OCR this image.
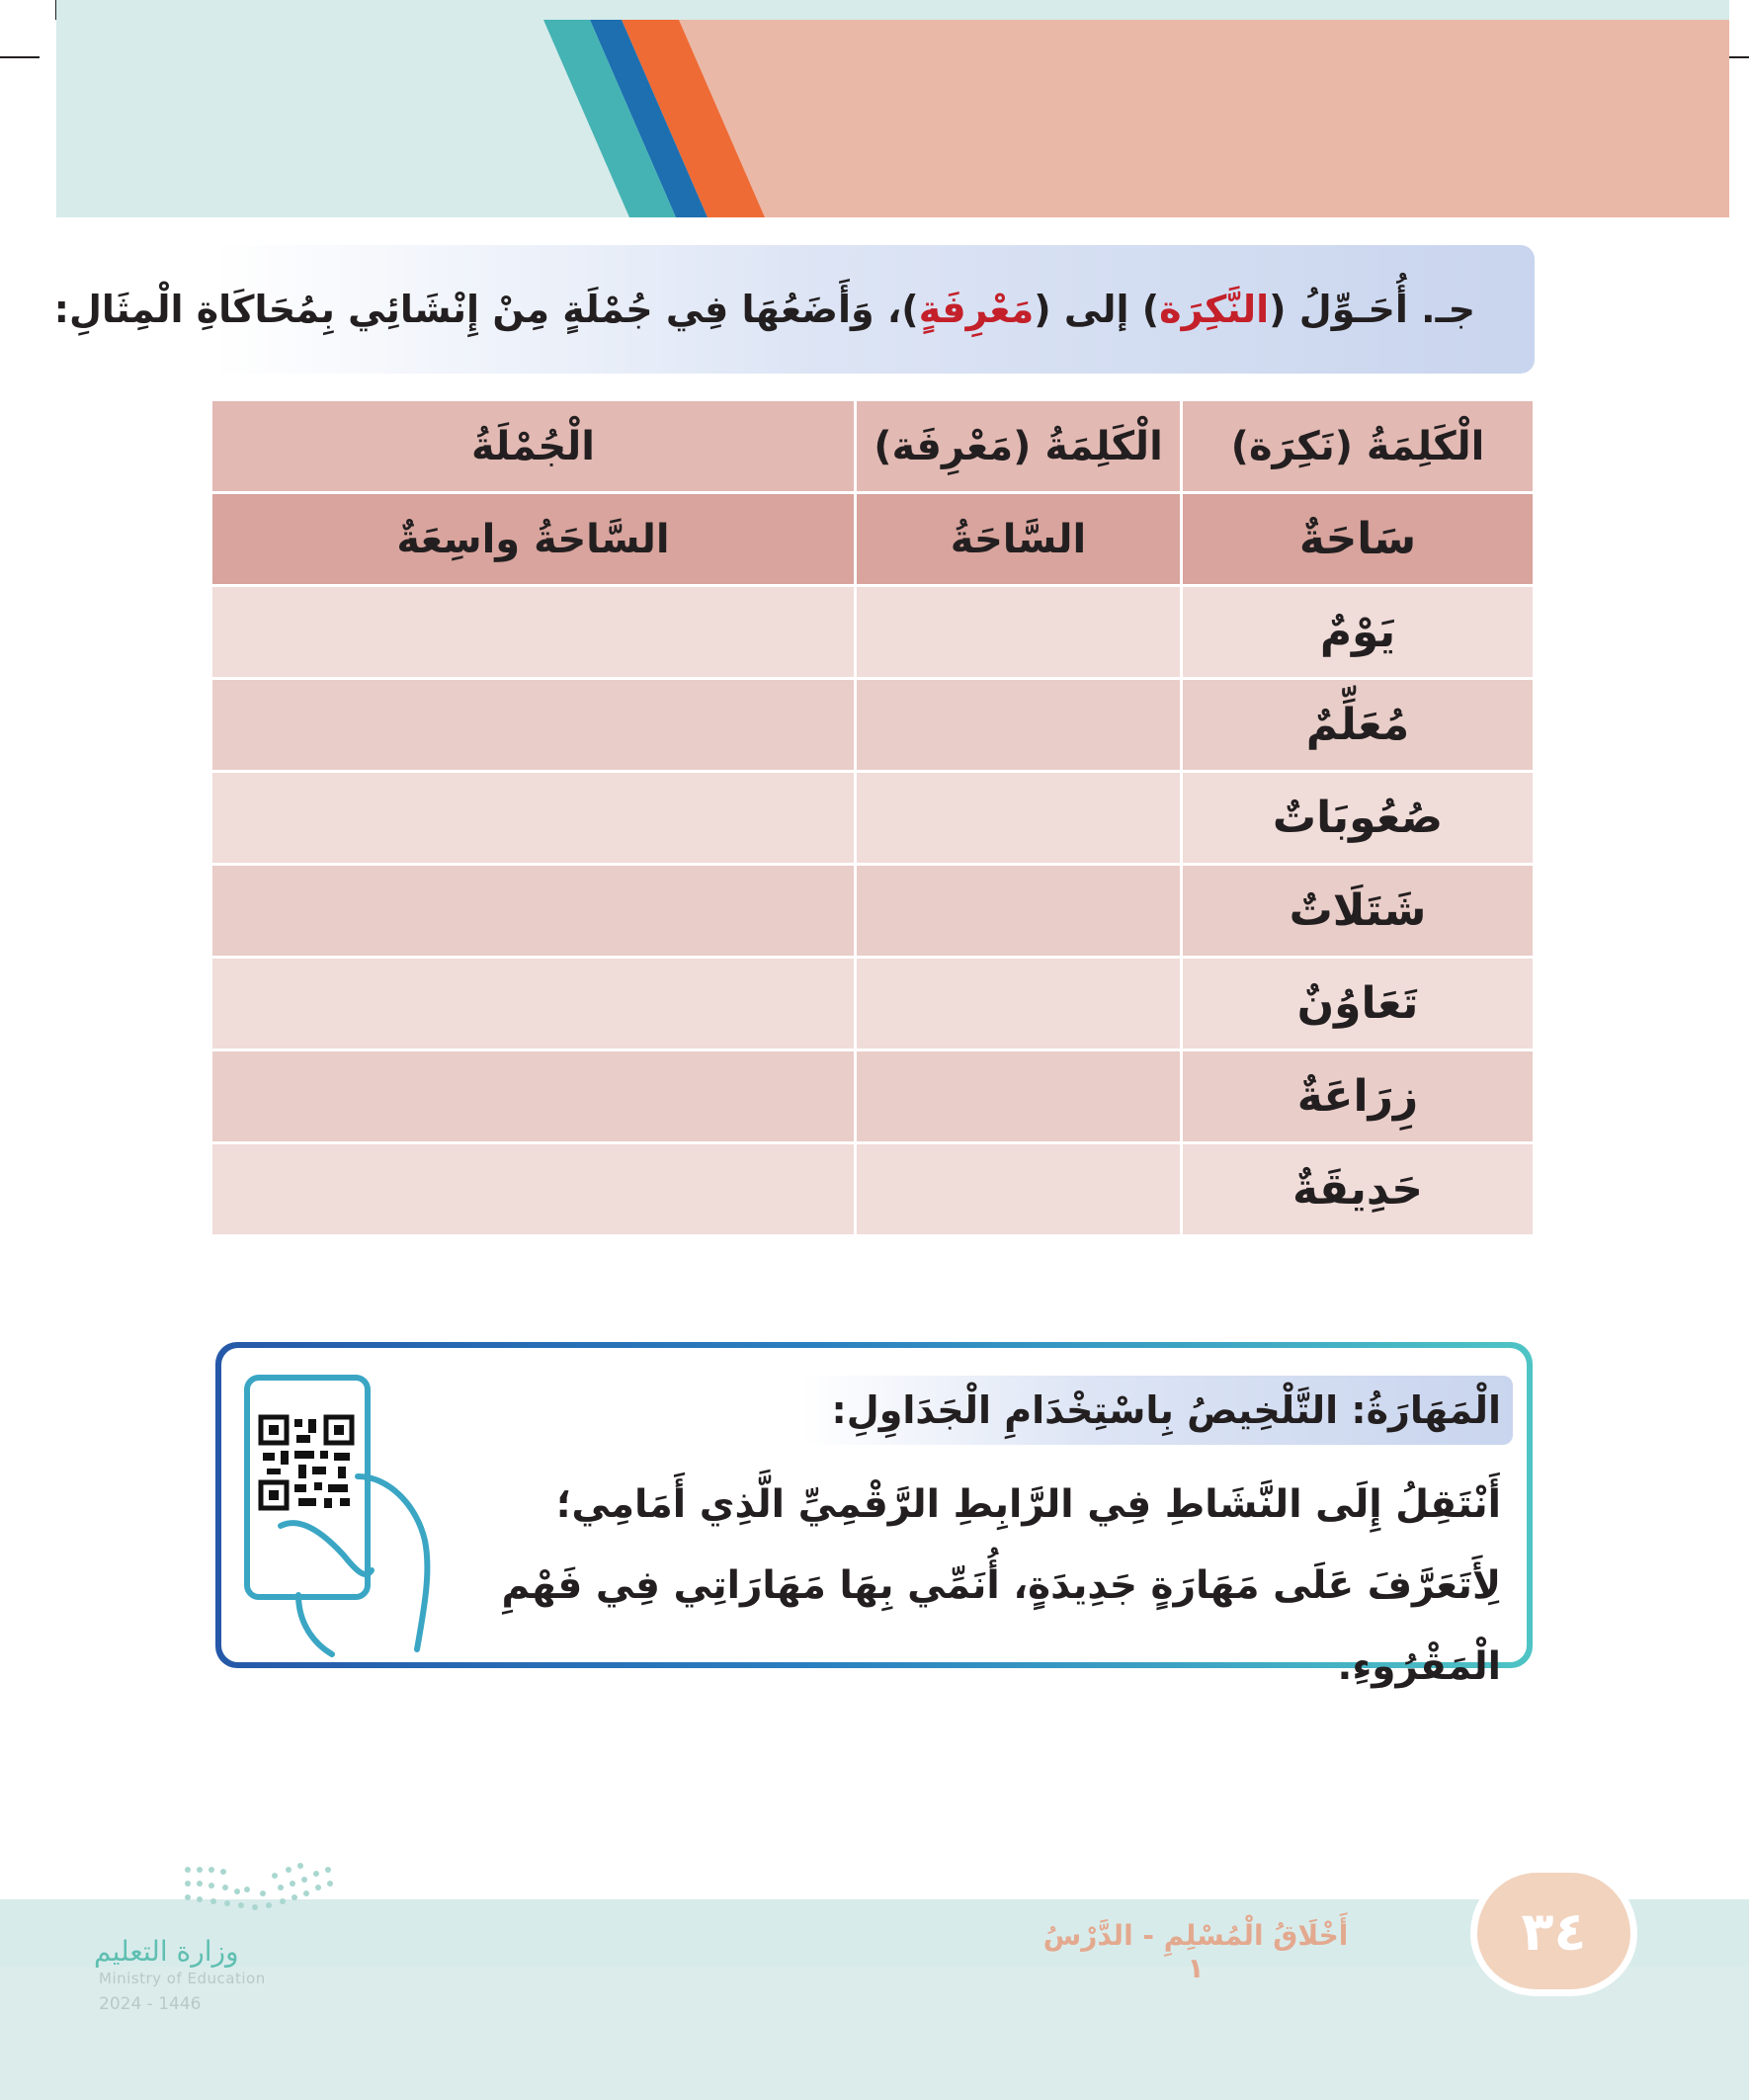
جـ. أُحَـوِّلُ (
النَّكِرَة
) إلى (
مَعْرِفَةٍ
)، وَأَضَعُهَا فِي جُمْلَةٍ مِنْ إِنْشَائِي بِمُحَاكَاةِ الْمِثَالِ:
الْكَلِمَةُ (نَكِرَة)	الْكَلِمَةُ (مَعْرِفَة)	الْجُمْلَةُ
سَاحَةٌ	السَّاحَةُ	السَّاحَةُ واسِعَةٌ
يَوْمٌ		
مُعَلِّمٌ		
صُعُوبَاتٌ		
شَتَلَاتٌ		
تَعَاوُنٌ		
زِرَاعَةٌ		
حَدِيقَةٌ		
الْمَهَارَةُ: التَّلْخِيصُ بِاسْتِخْدَامِ الْجَدَاوِلِ:
أَنْتَقِلُ إِلَى النَّشَاطِ فِي الرَّابِطِ الرَّقْمِيِّ الَّذِي أَمَامِي؛ لِأَتَعَرَّفَ عَلَى مَهَارَةٍ جَدِيدَةٍ، أُنَمِّي بِهَا مَهَارَاتِي فِي فَهْمِ الْمَقْرُوءِ.
أَخْلَاقُ الْمُسْلِمِ - الدَّرْسُ ١
٣٤
وزارة التعليم
Ministry of Education
2024 - 1446
